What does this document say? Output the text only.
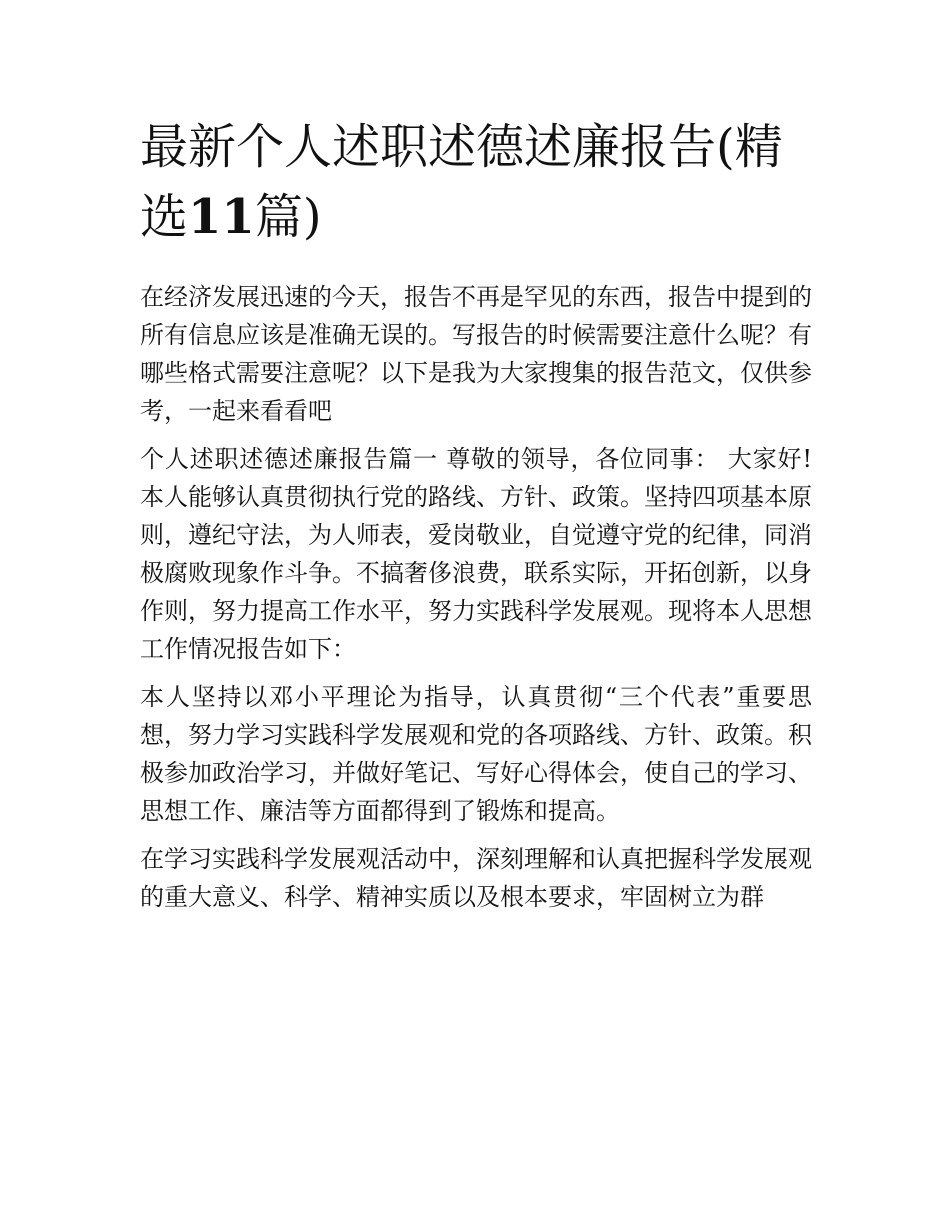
最新个人述职述德述廉报告(精选11篇)

在经济发展迅速的今天，报告不再是罕见的东西，报告中提到的所有信息应该是准确无误的。写报告的时候需要注意什么呢？有哪些格式需要注意呢？以下是我为大家搜集的报告范文，仅供参考，一起来看看吧

个人述职述德述廉报告篇一 尊敬的领导，各位同事： 大家好! 本人能够认真贯彻执行党的路线、方针、政策。坚持四项基本原则，遵纪守法，为人师表，爱岗敬业，自觉遵守党的纪律，同消极腐败现象作斗争。不搞奢侈浪费，联系实际，开拓创新，以身作则，努力提高工作水平，努力实践科学发展观。现将本人思想工作情况报告如下：

本人坚持以邓小平理论为指导，认真贯彻“三个代表”重要思想，努力学习实践科学发展观和党的各项路线、方针、政策。积极参加政治学习，并做好笔记、写好心得体会，使自己的学习、思想工作、廉洁等方面都得到了锻炼和提高。

在学习实践科学发展观活动中，深刻理解和认真把握科学发展观的重大意义、科学、精神实质以及根本要求，牢固树立为群
